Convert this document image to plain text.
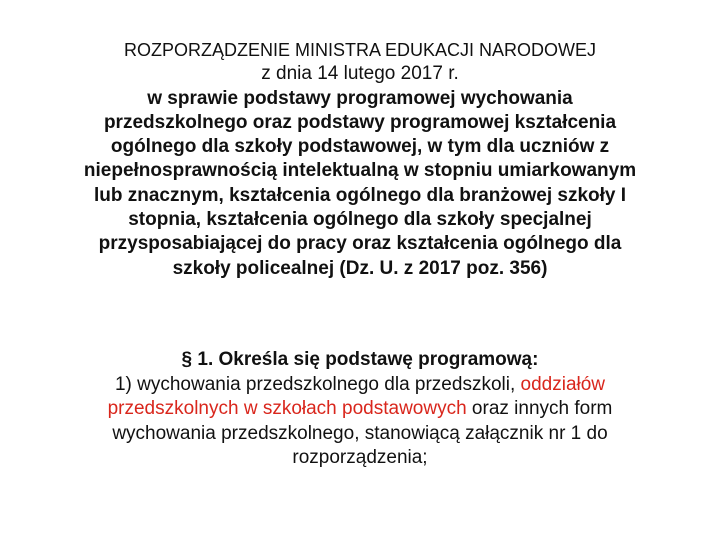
ROZPORZĄDZENIE MINISTRA EDUKACJI NARODOWEJ
z dnia 14 lutego 2017 r.
w sprawie podstawy programowej wychowania
przedszkolnego oraz podstawy programowej kształcenia
ogólnego dla szkoły podstawowej, w tym dla uczniów z
niepełnosprawnością intelektualną w stopniu umiarkowanym
lub znacznym, kształcenia ogólnego dla branżowej szkoły I
stopnia, kształcenia ogólnego dla szkoły specjalnej
przysposabiającej do pracy oraz kształcenia ogólnego dla
szkoły policealnej (Dz. U. z 2017 poz. 356)
§ 1. Określa się podstawę programową:
1) wychowania przedszkolnego dla przedszkoli, oddziałów
przedszkolnych w szkołach podstawowych oraz innych form
wychowania przedszkolnego, stanowiącą załącznik nr 1 do
rozporządzenia;
